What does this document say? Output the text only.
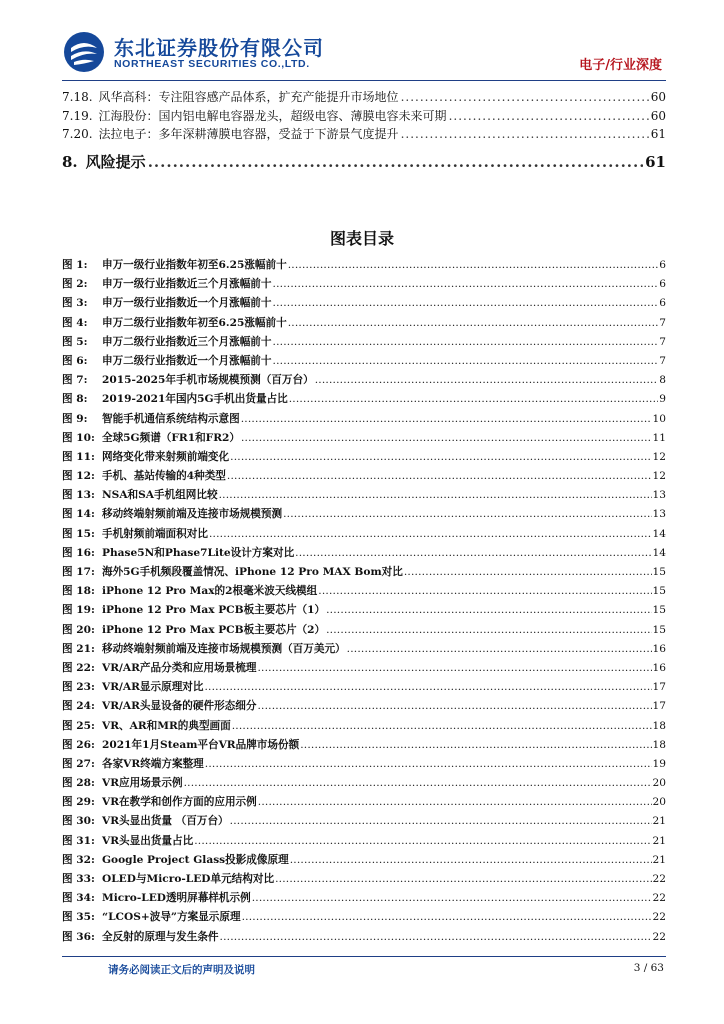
东北证券股份有限公司
NORTHEAST SECURITIES CO.,LTD.	电子/行业深度
7.18. 风华高科：专注阻容感产品体系，扩充产能提升市场地位 .....	60
7.19. 江海股份：国内铝电解电容器龙头，超级电容、薄膜电容未来可期 .....	60
7.20. 法拉电子：多年深耕薄膜电容器，受益于下游景气度提升 .....	61
8. 风险提示 .....	61
图表目录
图 1:	申万一级行业指数年初至6.25涨幅前十 .....	6
图 2:	申万一级行业指数近三个月涨幅前十 .....	6
图 3:	申万一级行业指数近一个月涨幅前十 .....	6
图 4:	申万二级行业指数年初至6.25涨幅前十 .....	7
图 5:	申万二级行业指数近三个月涨幅前十 .....	7
图 6:	申万二级行业指数近一个月涨幅前十 .....	7
图 7:	2015-2025年手机市场规模预测（百万台） .....	8
图 8:	2019-2021年国内5G手机出货量占比 .....	9
图 9:	智能手机通信系统结构示意图 .....	10
图 10: 全球5G频谱（FR1和FR2） .....	11
图 11: 网络变化带来射频前端变化 .....	12
图 12: 手机、基站传输的4种类型 .....	12
图 13: NSA和SA手机组网比较 .....	13
图 14: 移动终端射频前端及连接市场规模预测 .....	13
图 15: 手机射频前端面积对比 .....	14
图 16: Phase5N和Phase7Lite设计方案对比 .....	14
图 17: 海外5G手机频段覆盖情况、iPhone 12 Pro MAX Bom对比 .....	15
图 18: iPhone 12 Pro Max的2根毫米波天线模组 .....	15
图 19: iPhone 12 Pro Max PCB板主要芯片（1） .....	15
图 20: iPhone 12 Pro Max PCB板主要芯片（2） .....	15
图 21: 移动终端射频前端及连接市场规模预测（百万美元） .....	16
图 22: VR/AR产品分类和应用场景梳理 .....	16
图 23: VR/AR显示原理对比 .....	17
图 24: VR/AR头显设备的硬件形态细分 .....	17
图 25: VR、AR和MR的典型画面 .....	18
图 26: 2021年1月Steam平台VR品牌市场份额 .....	18
图 27: 各家VR终端方案整理 .....	19
图 28: VR应用场景示例 .....	20
图 29: VR在教学和创作方面的应用示例 .....	20
图 30: VR头显出货量 （百万台） .....	21
图 31: VR头显出货量占比 .....	21
图 32: Google Project Glass投影成像原理 .....	21
图 33: OLED与Micro-LED单元结构对比 .....	22
图 34: Micro-LED透明屏幕样机示例 .....	22
图 35: “LCOS+波导”方案显示原理 .....	22
图 36: 全反射的原理与发生条件 .....	22
请务必阅读正文后的声明及说明	3 / 63
